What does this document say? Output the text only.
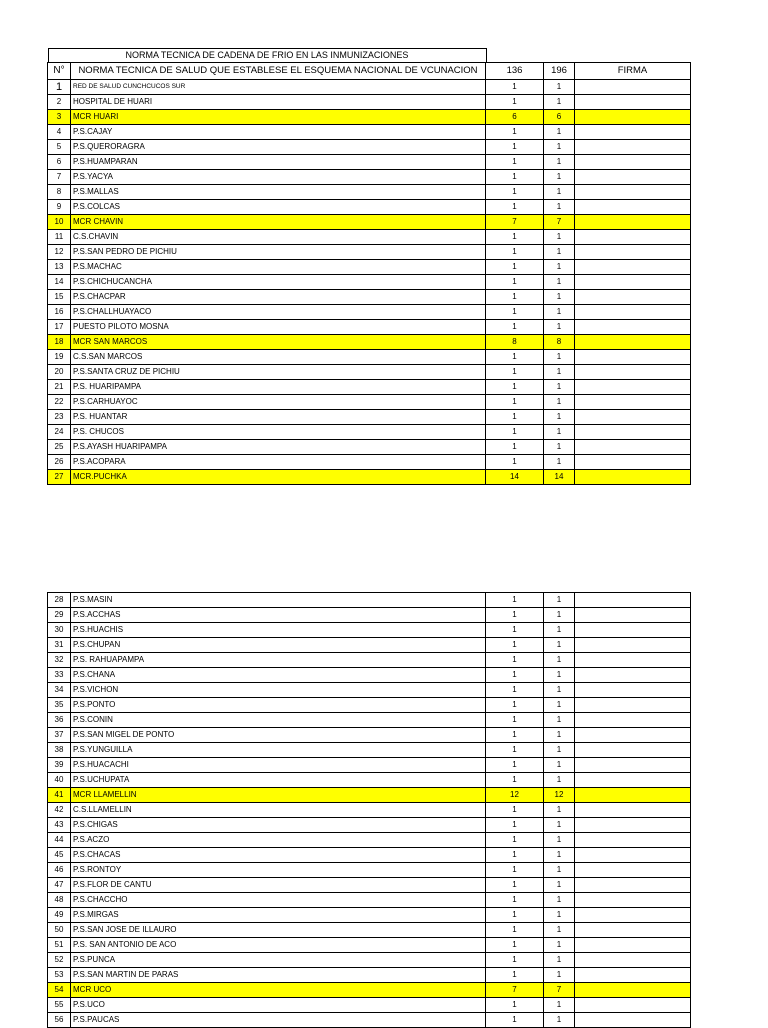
NORMA TECNICA DE CADENA DE FRIO EN LAS INMUNIZACIONES				

N°	NORMA TECNICA DE SALUD QUE ESTABLESE EL ESQUEMA NACIONAL DE VCUNACION	136	196	FIRMA
1	RED DE SALUD CUNCHCUCOS SUR	1	1	
2	HOSPITAL DE HUARI	1	1	
3	MCR HUARI	6	6	
4	P.S.CAJAY	1	1	
5	P.S.QUERORAGRA	1	1	
6	P.S.HUAMPARAN	1	1	
7	P.S.YACYA	1	1	
8	P.S.MALLAS	1	1	
9	P.S.COLCAS	1	1	
10	MCR CHAVIN	7	7	
11	C.S.CHAVIN	1	1	
12	P.S.SAN PEDRO DE PICHIU	1	1	
13	P.S.MACHAC	1	1	
14	P.S.CHICHUCANCHA	1	1	
15	P.S.CHACPAR	1	1	
16	P.S.CHALLHUAYACO	1	1	
17	PUESTO PILOTO MOSNA	1	1	
18	MCR SAN MARCOS	8	8	
19	C.S.SAN MARCOS	1	1	
20	P.S.SANTA CRUZ DE PICHIU	1	1	
21	P.S. HUARIPAMPA	1	1	
22	P.S.CARHUAYOC	1	1	
23	P.S. HUANTAR	1	1	
24	P.S. CHUCOS	1	1	
25	P.S.AYASH HUARIPAMPA	1	1	
26	P.S.ACOPARA	1	1	
27	MCR.PUCHKA	14	14	
28	P.S.MASIN	1	1	
29	P.S.ACCHAS	1	1	
30	P.S.HUACHIS	1	1	
31	P.S.CHUPAN	1	1	
32	P.S. RAHUAPAMPA	1	1	
33	P.S.CHANA	1	1	
34	P.S.VICHON	1	1	
35	P.S.PONTO	1	1	
36	P.S.CONIN	1	1	
37	P.S.SAN MIGEL DE PONTO	1	1	
38	P.S.YUNGUILLA	1	1	
39	P.S.HUACACHI	1	1	
40	P.S.UCHUPATA	1	1	
41	MCR LLAMELLIN	12	12	
42	C.S.LLAMELLIN	1	1	
43	P.S.CHIGAS	1	1	
44	P.S.ACZO	1	1	
45	P.S.CHACAS	1	1	
46	P.S.RONTOY	1	1	
47	P.S.FLOR DE CANTU	1	1	
48	P.S.CHACCHO	1	1	
49	P.S.MIRGAS	1	1	
50	P.S.SAN JOSE DE ILLAURO	1	1	
51	P.S. SAN ANTONIO DE ACO	1	1	
52	P.S.PUNCA	1	1	
53	P.S.SAN MARTIN DE PARAS	1	1	
54	MCR UCO	7	7	
55	P.S.UCO	1	1	
56	P.S.PAUCAS	1	1	
